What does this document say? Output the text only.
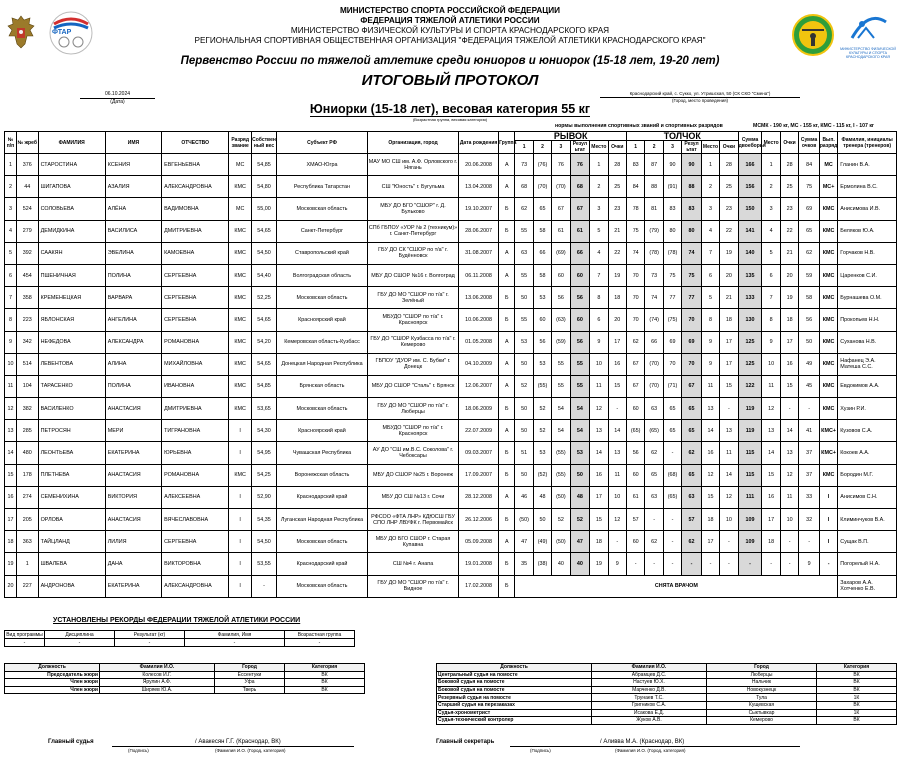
ФТАР
МИНИСТЕРСТВО ФИЗИЧЕСКОЙ КУЛЬТУРЫ И СПОРТА КРАСНОДАРСКОГО КРАЯ
МИНИСТЕРСТВО СПОРТА РОССИЙСКОЙ ФЕДЕРАЦИИ
ФЕДЕРАЦИЯ ТЯЖЕЛОЙ АТЛЕТИКИ РОССИИ
МИНИСТЕРСТВО ФИЗИЧЕСКОЙ КУЛЬТУРЫ И СПОРТА КРАСНОДАРСКОГО КРАЯ
РЕГИОНАЛЬНАЯ СПОРТИВНАЯ ОБЩЕСТВЕННАЯ ОРГАНИЗАЦИЯ "ФЕДЕРАЦИЯ ТЯЖЕЛОЙ АТЛЕТИКИ КРАСНОДАРСКОГО КРАЯ"
Первенство России по тяжелой атлетике среди юниоров и юниорок (15-18 лет, 19-20 лет)
ИТОГОВЫЙ ПРОТОКОЛ
06.10.2024
(Дата)
Краснодарский край, с. Сукко, ул. Утришская, 50 (СК СКО "Смена")
(Город, место проведения)
Юниорки (15-18 лет), весовая категория 55 кг
(Возрастная группа, весовая категория)
нормы выполнения спортивных званий и спортивных разрядов	МСМК - 190 кг, МС - 155 кг, КМС - 115 кг, I - 107 кг
№ п/п	№ жреб	ФАМИЛИЯ	ИМЯ	ОТЧЕСТВО	Разряд звание	Собствен ный вес	Субъект РФ	Организация, город	Дата рождения	Группа	РЫВОК						ТОЛЧОК						Сумма двоеборья	Место	Очки	Сумма очков	Вып. разряд	Фамилия, инициалы тренера (тренеров)
											1	2	3	Резул ьтат	Место	Очки	1	2	3	Резул ьтат	Место	Очки						
1	376	СТАРОСТИНА	КСЕНИЯ	ЕВГЕНЬЕВНА	МС	54,85	ХМАО-Югра	МАУ МО СШ им. А.Ф. Орловского г. Нягань	20.06.2008	А	73	(76)	76	76	1	28	83	87	90	90	1	28	166	1	28	84	МС	Гланин В.А.
2	44	ШИГАПОВА	АЗАЛИЯ	АЛЕКСАНДРОВНА	КМС	54,80	Республика Татарстан	СШ "Юность" г. Бугульма	13.04.2008	А	68	(70)	(70)	68	2	25	84	88	(91)	88	2	25	156	2	25	75	МС+	Ермолина В.С.
3	524	СОЛОВЬЕВА	АЛЁНА	ВАДИМОВНА	МС	55,00	Московская область	МБУ ДО БГО "СШОР" г. Д. Бульково	19.10.2007	Б	62	65	67	67	3	23	78	81	83	83	3	23	150	3	23	69	КМС	Анисимова И.В.
4	279	ДЕМИДКИНА	ВАСИЛИСА	ДМИТРИЕВНА	КМС	54,65	Санкт-Петербург	СПб ГБПОУ «УОР № 2 (техникум)» г. Санкт-Петербург	28.06.2007	Б	55	58	61	61	5	21	75	(79)	80	80	4	22	141	4	22	65	КМС	Беляков Ю.А.
5	392	СААКЯН	ЭВЕЛИНА	КАМОЕВНА	КМС	54,50	Ставропольский край	ГБУ ДО СК "СШОР по т/а" г. Будённовск	31.08.2007	А	63	66	(69)	66	4	22	74	(78)	(78)	74	7	19	140	5	21	62	КМС	Горчаков Н.В.
6	454	ПШЕНИЧНАЯ	ПОЛИНА	СЕРГЕЕВНА	КМС	54,40	Волгоградская область	МБУ ДО СШОР №16 г. Волгоград	06.11.2008	А	55	58	60	60	7	19	70	73	75	75	6	20	135	6	20	59	КМС	Царенков С.И.
7	358	КРЕМЕНЕЦКАЯ	ВАРВАРА	СЕРГЕЕВНА	КМС	52,25	Московская область	ГБУ ДО МО "СШОР по т/а" г. Зелёный	13.06.2008	Б	50	53	56	56	8	18	70	74	77	77	5	21	133	7	19	58	КМС	Бурнашева О.М.
8	223	ЯБЛОНСКАЯ	АНГЕЛИНА	СЕРГЕЕВНА	КМС	54,65	Красноярский край	МБУДО "СШОР по т/а" г. Красноярск	10.06.2008	Б	55	60	(63)	60	6	20	70	(74)	(75)	70	8	18	130	8	18	56	КМС	Прокопьев Н.Н.
9	342	НЕФЕДОВА	АЛЕКСАНДРА	РОМАНОВНА	КМС	54,20	Кемеровская область-Кузбасс	ГБУ ДО "СШОР Кузбасса по т/а" г. Кемерово	01.05.2008	А	53	56	(59)	56	9	17	62	66	69	69	9	17	125	9	17	50	КМС	Суханова Н.В.
10	514	ЛЕВЕНТОВА	АЛИНА	МИХАЙЛОВНА	КМС	54,65	Донецкая Народная Республика	ГБПОУ "ДУОР им. С. Бубки" г. Донецк	04.10.2009	А	50	53	55	55	10	16	67	(70)	70	70	9	17	125	10	16	49	КМС	Нафанец Э.А. Матеша С.С.
11	104	ТАРАСЕНКО	ПОЛИНА	ИВАНОВНА	КМС	54,85	Брянская область	МБУ ДО СШОР "Сталь" г. Брянск	12.06.2007	А	52	(55)	55	55	11	15	67	(70)	(71)	67	11	15	122	11	15	45	КМС	Евдокимов А.А.
12	382	ВАСИЛЕНКО	АНАСТАСИЯ	ДМИТРИЕВНА	КМС	53,65	Московская область	ГБУ ДО МО "СШОР по т/а" г. Люберцы	18.06.2009	Б	50	52	54	54	12	-	60	63	65	65	13	-	119	12	-	-	КМС	Хузин Р.И.
13	285	ПЕТРОСЯН	МЕРИ	ТИГРАНОВНА	I	54,30	Красноярский край	МБУДО "СШОР по т/а" г. Красноярск	22.07.2009	А	50	52	54	54	13	14	(65)	(65)	65	65	14	13	119	13	14	41	КМС+	Кузовов С.А.
14	480	ЛЕОНТЬЕВА	ЕКАТЕРИНА	ЮРЬЕВНА	I	54,95	Чувашская Республика	АУ ДО "СШ им.В.С. Соколова" г. Чебоксары	09.03.2007	Б	51	53	(55)	53	14	13	56	62	-	62	16	11	115	14	13	37	КМС+	Кокоев А.А.
15	178	ПЛЕТНЕВА	АНАСТАСИЯ	РОМАНОВНА	КМС	54,25	Воронежская область	МБУ ДО СШОР №25 г. Воронеж	17.09.2007	Б	50	(52)	(55)	50	16	11	60	65	(68)	65	12	14	115	15	12	37	КМС	Бородин М.Г.
16	274	СЕМЕНИХИНА	ВИКТОРИЯ	АЛЕКСЕЕВНА	I	52,90	Краснодарский край	МБУ ДО СШ №13 г. Сочи	28.12.2008	А	46	48	(50)	48	17	10	61	63	(65)	63	15	12	111	16	11	33	I	Анисимов С.Н.
17	205	ОРЛОВА	АНАСТАСИЯ	ВЯЧЕСЛАВОВНА	I	54,35	Луганская Народная Республика	РФСОО «ФТА ЛНР» КДЮСШ ГБУ СПО ЛНР ЛВУФК г. Первомайск	26.12.2006	Б	(50)	50	52	52	15	12	57	-	-	57	18	10	109	17	10	32	I	Климинчуков В.А.
18	363	ТАЙЦЛАНД	ЛИЛИЯ	СЕРГЕЕВНА	I	54,50	Московская область	МБУ ДО БГО СШОР г. Старая Купавна	05.09.2008	А	47	(49)	(50)	47	18	-	60	62	-	62	17	-	109	18	-	-	I	Сущак В.П.
19	1	ШВАЛЕВА	ДАНА	ВИКТОРОВНА	I	53,55	Краснодарский край	СШ №4 г. Анапа	19.01.2008	Б	35	(38)	40	40	19	9	-	-	-	-	-	-	-	-	-	9	-	Погорелый Н.А.
20	227	АНДРОНОВА	ЕКАТЕРИНА	АЛЕКСАНДРОВНА	I	-	Московская область	ГБУ ДО МО "СШОР по т/а" г. Видное	17.02.2008	Б	СНЯТА ВРАЧОМ																	Захаров А.А. Хотченко Е.В.
УСТАНОВЛЕНЫ РЕКОРДЫ ФЕДЕРАЦИИ ТЯЖЕЛОЙ АТЛЕТИКИ РОССИИ
Вид программы	Дисциплина	Результат (кг)	Фамилия, Имя	Возрастная группа
-	-	-	-	-
Должность	Фамилия И.О.	Город	Категория
Председатель жюри	Колесов И.Г.	Ессентуки	ВК
Член жюри	Ярулин А.Ф.	Уфа	ВК
Член жюри	Ширяев Ю.А.	Тверь	ВК
Должность	Фамилия И.О.	Город	Категория
Центральный судья на помосте	Абрамцев Д.С.	Люберцы	ВК
Боковой судья на помосте	Настуев Ю.Х.	Нальчик	ВК
Боковой судья на помосте	Марченко Д.В.	Новокузнецк	ВК
Резервный судья на помосте	Трунаев Т.С.	Тула	1К
Старший судья на перезаказах	Григников С.А.	Кущевская	ВК
Судья-хронометрист	Исакова Е.Д.	Сыктывкар	1К
Судья-технический контролер	Жуков А.В.	Кемерово	ВК
Главный судья	/ Авакесян Г.Г. (Краснодар, ВК)
(Подпись)	(Фамилия И.О. (Город, категория)
Главный секретарь	/ Аливва М.А. (Краснодар, ВК)
(Подпись)	(Фамилия И.О. (Город, категория)
